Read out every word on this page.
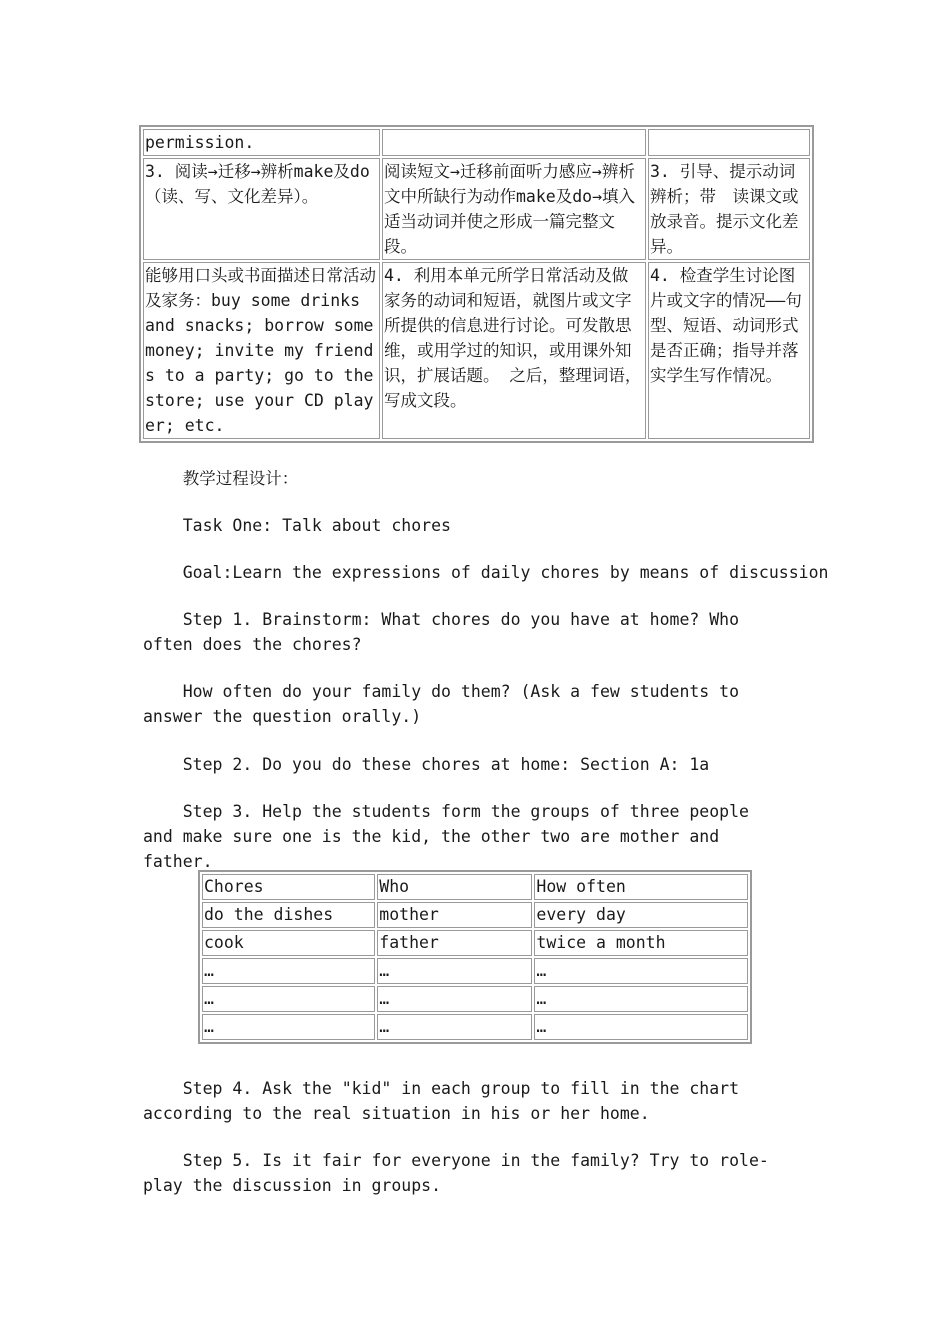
permission.		
3. 阅读→迁移→辨析make及do（读、写、文化差异）。	阅读短文→迁移前面听力感应→辨析文中所缺行为动作make及do→填入适当动词并使之形成一篇完整文段。	3. 引导、提示动词辨析；带　读课文或放录音。提示文化差异。
能够用口头或书面描述日常活动及家务：buy some drinks and snacks; borrow some money; invite my friends to a party; go to the store; use your CD player; etc.	4. 利用本单元所学日常活动及做家务的动词和短语，就图片或文字所提供的信息进行讨论。可发散思维，或用学过的知识，或用课外知识，扩展话题。 之后，整理词语，写成文段。	4. 检查学生讨论图片或文字的情况——句型、短语、动词形式是否正确；指导并落实学生写作情况。

教学过程设计：

Task One: Talk about chores

Goal:Learn the expressions of daily chores by means of discussion

Step 1. Brainstorm: What chores do you have at home? Who often does the chores?

How often do your family do them? (Ask a few students to answer the question orally.)

Step 2. Do you do these chores at home: Section A: 1a

Step 3. Help the students form the groups of three people and make sure one is the kid, the other two are mother and father.

Chores	Who	How often
do the dishes	mother	every day
cook	father	twice a month
…	…	…
…	…	…
…	…	…

Step 4. Ask the "kid" in each group to fill in the chart according to the real situation in his or her home.

Step 5. Is it fair for everyone in the family? Try to role-play the discussion in groups.
